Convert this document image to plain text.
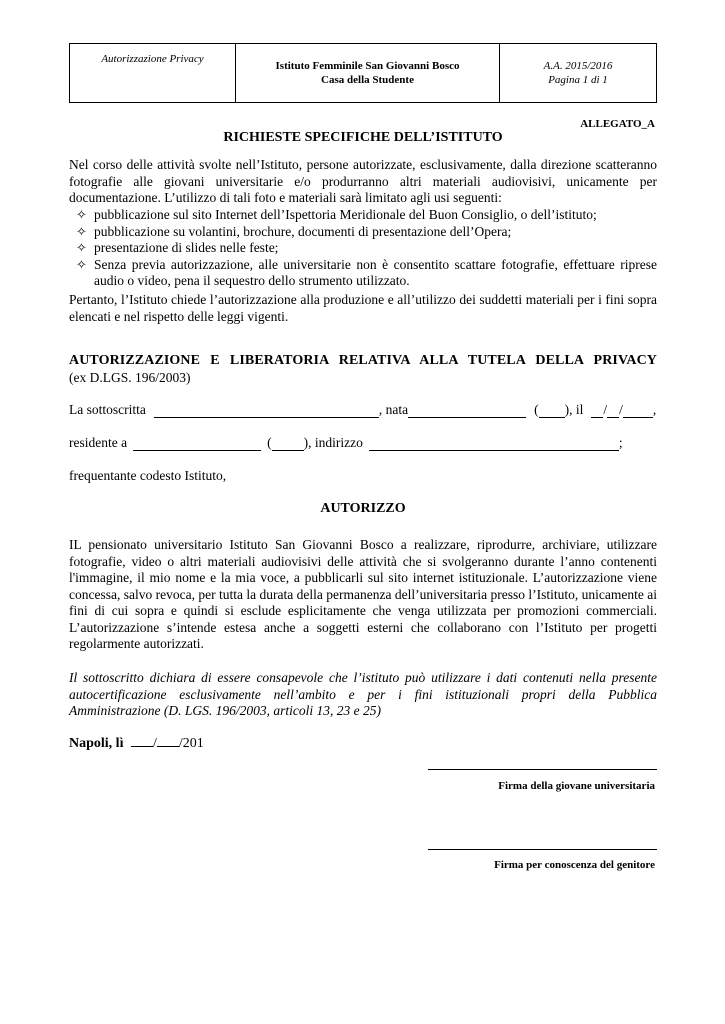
Autorizzazione Privacy
Istituto Femminile San Giovanni Bosco
Casa della Studente
A.A. 2015/2016
Pagina 1 di 1
ALLEGATO_A
RICHIESTE SPECIFICHE DELL’ISTITUTO
Nel corso delle attività svolte nell’Istituto, persone autorizzate, esclusivamente, dalla direzione scatteranno fotografie alle giovani universitarie e/o produrranno altri materiali audiovisivi, unicamente per documentazione. L’utilizzo di tali foto e materiali sarà limitato agli usi seguenti:
✧ pubblicazione sul sito Internet dell’Ispettoria Meridionale del Buon Consiglio, o dell’istituto;
✧ pubblicazione su volantini, brochure, documenti di presentazione dell’Opera;
✧ presentazione di slides nelle feste;
✧ Senza previa autorizzazione, alle universitarie non è consentito scattare fotografie, effettuare riprese audio o video, pena il sequestro dello strumento utilizzato.
Pertanto, l’Istituto chiede l’autorizzazione alla produzione e all’utilizzo dei suddetti materiali per i fini sopra elencati e nel rispetto delle leggi vigenti.
AUTORIZZAZIONE E LIBERATORIA RELATIVA ALLA TUTELA DELLA PRIVACY
(ex D.LGS. 196/2003)
La sottoscritta	, nata	( ), il / / ,
residente a	( ), indirizzo	;
frequentante codesto Istituto,
AUTORIZZO
IL pensionato universitario Istituto San Giovanni Bosco a realizzare, riprodurre, archiviare, utilizzare fotografie, video o altri materiali audiovisivi delle attività che si svolgeranno durante l’anno contenenti l'immagine, il mio nome e la mia voce, a pubblicarli sul sito internet istituzionale. L’autorizzazione viene concessa, salvo revoca, per tutta la durata della permanenza dell’universitaria presso l’Istituto, unicamente ai fini di cui sopra e quindi si esclude esplicitamente che venga utilizzata per promozioni commerciali. L’autorizzazione s’intende estesa anche a soggetti esterni che collaborano con l’Istituto per progetti regolarmente autorizzati.
Il sottoscritto dichiara di essere consapevole che l’istituto può utilizzare i dati contenuti nella presente autocertificazione esclusivamente nell’ambito e per i fini istituzionali propri della Pubblica Amministrazione (D. LGS. 196/2003, articoli 13, 23 e 25)
Napoli, lì / /201
Firma della giovane universitaria
Firma per conoscenza del genitore
